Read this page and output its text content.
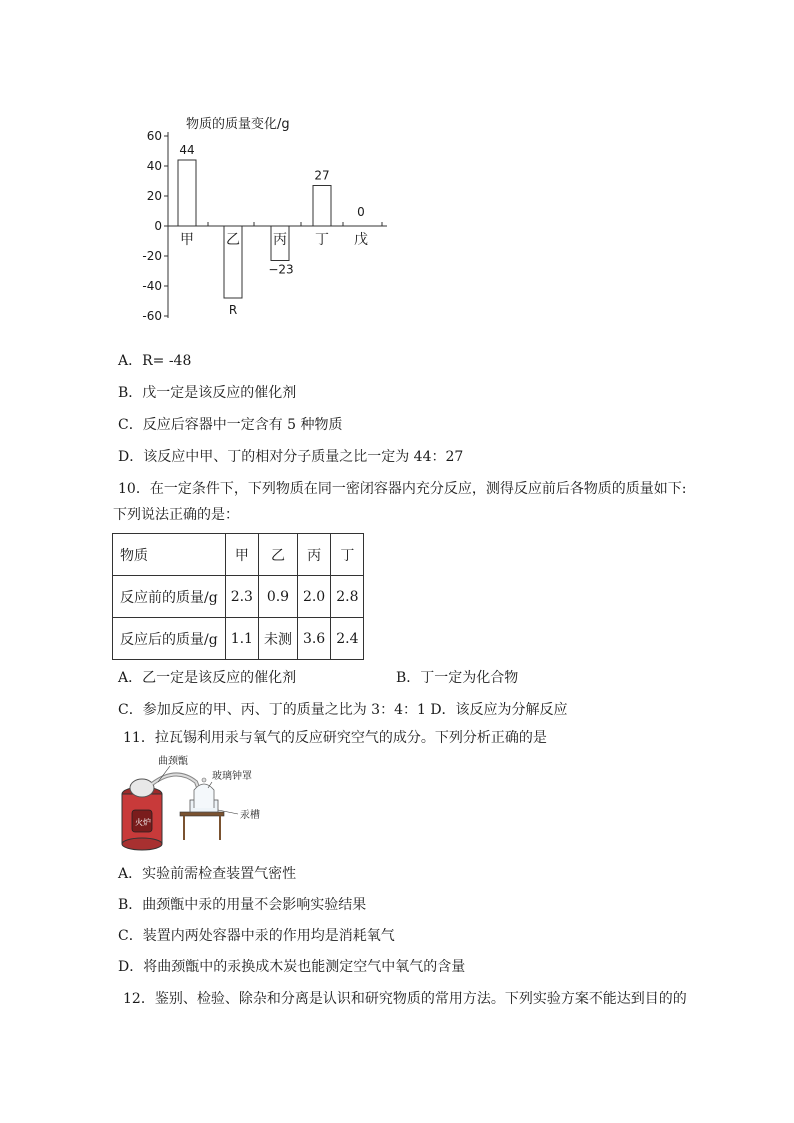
物质的质量变化/g
60
40
20
0
-20
-40
-60
甲
44
乙
R
丙
−23
丁
27
戊
0
A．R= -48
B．戊一定是该反应的催化剂
C．反应后容器中一定含有 5 种物质
D．该反应中甲、丁的相对分子质量之比一定为 44：27
10．在一定条件下，下列物质在同一密闭容器内充分反应，测得反应前后各物质的质量如下:
下列说法正确的是：
物质	甲	乙	丙	丁
反应前的质量/g	2.3	0.9	2.0	2.8
反应后的质量/g	1.1	未测	3.6	2.4
A．乙一定是该反应的催化剂	B．丁一定为化合物
C．参加反应的甲、丙、丁的质量之比为 3：4：1 D．该反应为分解反应
11．拉瓦锡利用汞与氧气的反应研究空气的成分。下列分析正确的是
火炉
曲颈甑
玻璃钟罩
汞槽
A．实验前需检查装置气密性
B．曲颈甑中汞的用量不会影响实验结果
C．装置内两处容器中汞的作用均是消耗氧气
D．将曲颈甑中的汞换成木炭也能测定空气中氧气的含量
12．鉴别、检验、除杂和分离是认识和研究物质的常用方法。下列实验方案不能达到目的的
